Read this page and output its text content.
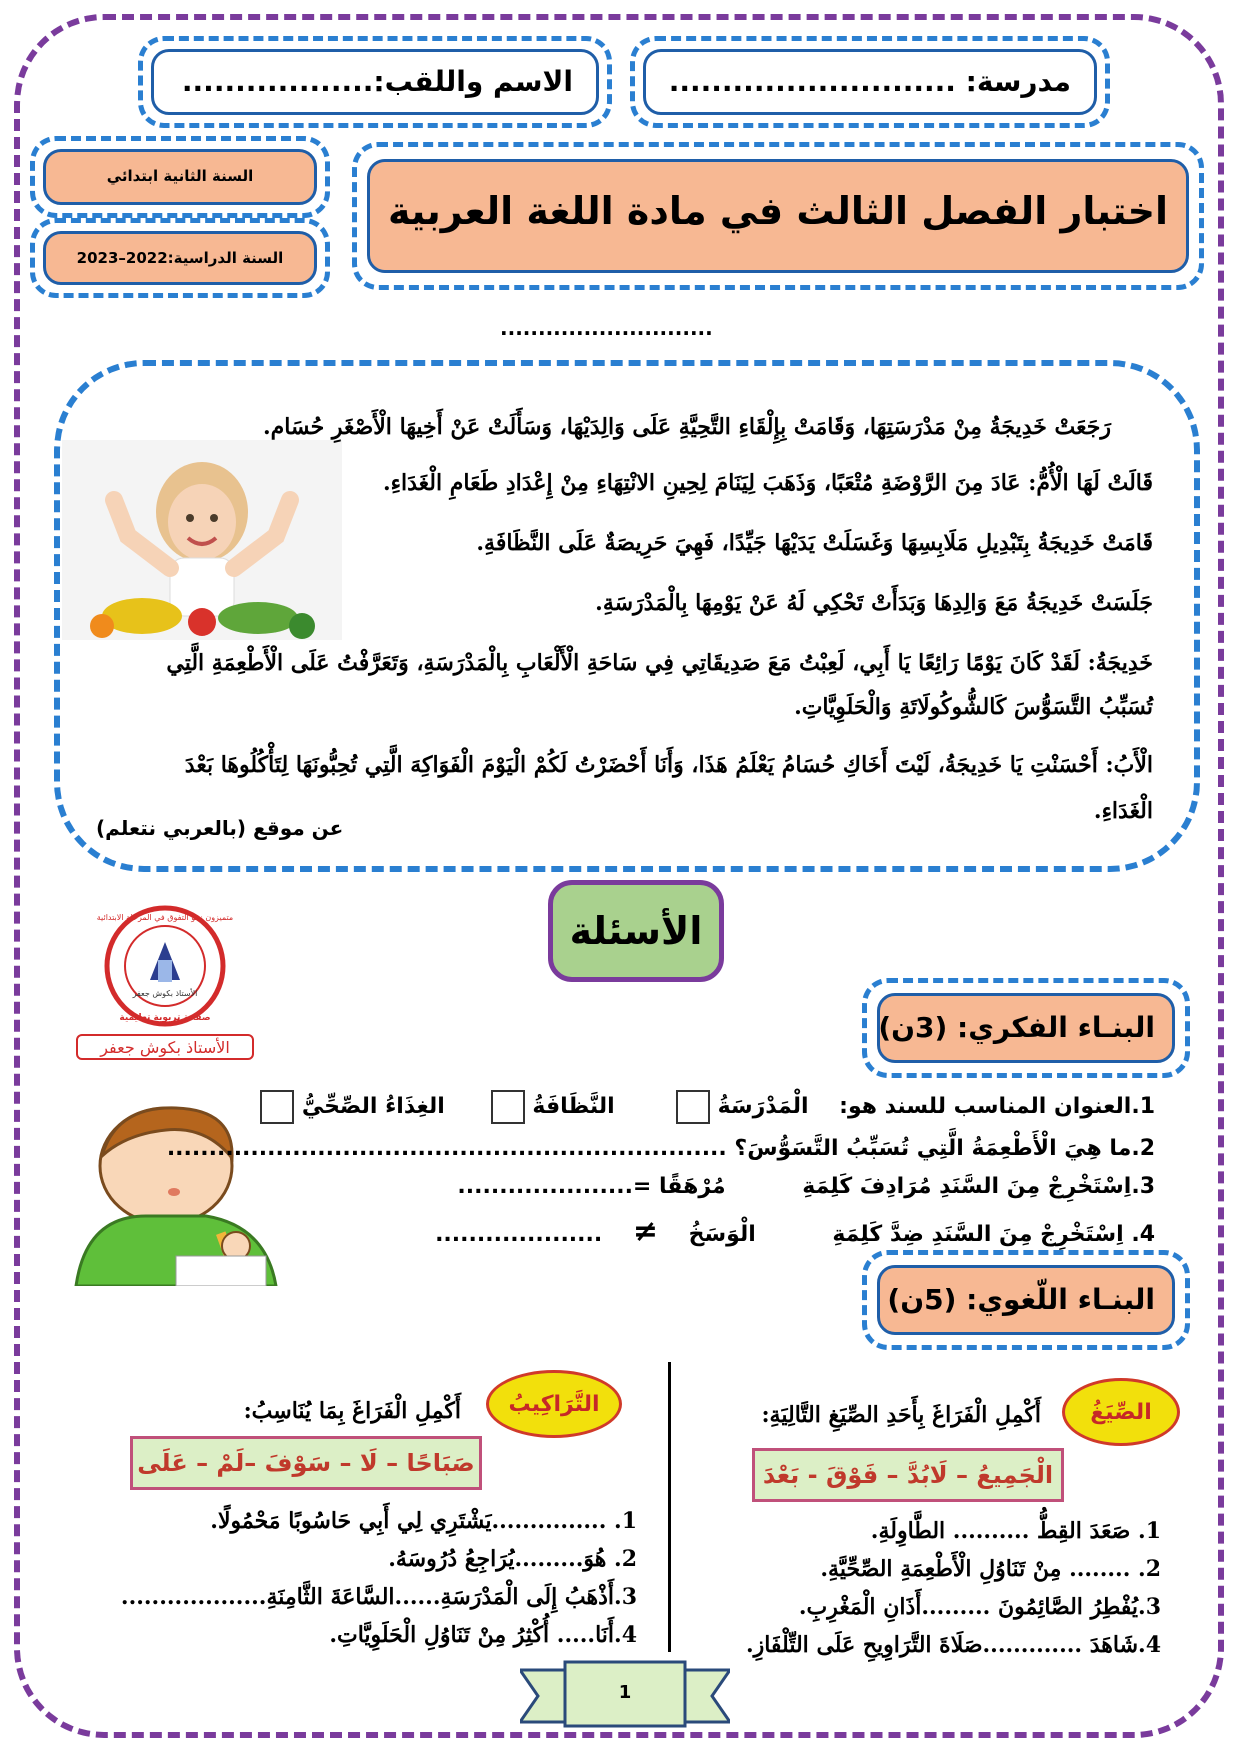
مدرسة: ...........................
الاسم واللقب:..................
السنة الثانية ابتدائي
السنة الدراسية:2022–2023
اختبار الفصل الثالث في مادة اللغة العربية
............................
رَجَعَتْ خَدِيجَةُ مِنْ مَدْرَسَتِهَا، وَقَامَتْ بِإِلْقَاءِ التَّحِيَّةِ عَلَى وَالِدَيْهَا، وَسَأَلَتْ عَنْ أَخِيهَا الْأَصْغَرِ حُسَام.
قَالَتْ لَهَا الْأُمُّ: عَادَ مِنَ الرَّوْضَةِ مُتْعَبًا، وَذَهَبَ لِيَنَامَ لِحِينِ الانْتِهَاءِ مِنْ إِعْدَادِ طَعَامِ الْغَدَاءِ.
قَامَتْ خَدِيجَةُ بِتَبْدِيلِ مَلَابِسِهَا وَغَسَلَتْ يَدَيْهَا جَيِّدًا، فَهِيَ حَرِيصَةٌ عَلَى النَّظَافَةِ.
جَلَسَتْ خَدِيجَةُ مَعَ وَالِدِهَا وَبَدَأَتْ تَحْكِي لَهُ عَنْ يَوْمِهَا بِالْمَدْرَسَةِ.
خَدِيجَةُ: لَقَدْ كَانَ يَوْمًا رَائِعًا يَا أَبِي، لَعِبْتُ مَعَ صَدِيقَاتِي فِي سَاحَةِ الْأَلْعَابِ بِالْمَدْرَسَةِ، وَتَعَرَّفْتُ عَلَى الْأَطْعِمَةِ الَّتِي
تُسَبِّبُ التَّسَوُّسَ كَالشُّوكُولَاتَةِ وَالْحَلَوِيَّاتِ.
الْأَبُ: أَحْسَنْتِ يَا خَدِيجَةُ، لَيْتَ أَخَاكِ حُسَامُ يَعْلَمُ هَذَا، وَأَنَا أَحْضَرْتُ لَكُمْ الْيَوْمَ الْفَوَاكِهَ الَّتِي تُحِبُّونَهَا لِتَأْكُلُوهَا بَعْدَ
الْغَدَاءِ.
عن موقع (بالعربي نتعلم)
الأسئلة
الأستاذ بكوش جعفر
متميزون نحو التفوق في المرحلة الابتدائية
صفحة تربوية تعليمية
الأستاذ بكوش جعفر
البنـاء الفكري: (3ن)
1.العنوان المناسب للسند هو:    الْمَدْرَسَةُ         النَّظَافَةُ       الغِذَاءُ الصِّحِّيُّ
2.ما هِيَ الْأَطْعِمَةُ الَّتِي تُسَبِّبُ التَّسَوُّسَ؟ ...................................................................
3.اِسْتَخْرِجْ مِنَ السَّنَدِ مُرَادِفَ كَلِمَةِ          مُرْهَقًا =.....................
4. اِسْتَخْرِجْ مِنَ السَّنَدِ ضِدَّ كَلِمَةِ          الْوَسَخُ    ≠    ....................
البنـاء اللّغوي: (5ن)
الصِّيَغُ
أَكْمِلِ الْفَرَاغَ بِأَحَدِ الصِّيَغِ التَّالِيَةِ:
الْجَمِيعُ – لَابُدَّ – فَوْقَ - بَعْدَ
1. صَعَدَ القِطُّ .......... الطَّاوِلَةِ.
2. ........ مِنْ تَنَاوُلِ الْأَطْعِمَةِ الصِّحِّيَّةِ.
3.يُفْطِرُ الصَّائِمُونَ .........أَذَانِ الْمَغْرِبِ.
4.شَاهَدَ .............صَلَاةَ التَّرَاوِيحِ عَلَى التِّلْفَازِ.
التَّرَاكِيبُ
أَكْمِلِ الْفَرَاغَ بِمَا يُنَاسِبُ:
صَبَاحًا – لَا – سَوْفَ –لَمْ – عَلَى
1. ...............يَشْتَرِي لِي أَبِي حَاسُوبًا مَحْمُولًا.
2. هُوَ.........يُرَاجِعُ دُرُوسَهُ.
3.أَذْهَبُ إِلَى الْمَدْرَسَةِ......السَّاعَةَ الثَّامِنَةِ...................
4.أَنَا..... أُكْثِرُ مِنْ تَنَاوُلِ الْحَلَوِيَّاتِ.
1
